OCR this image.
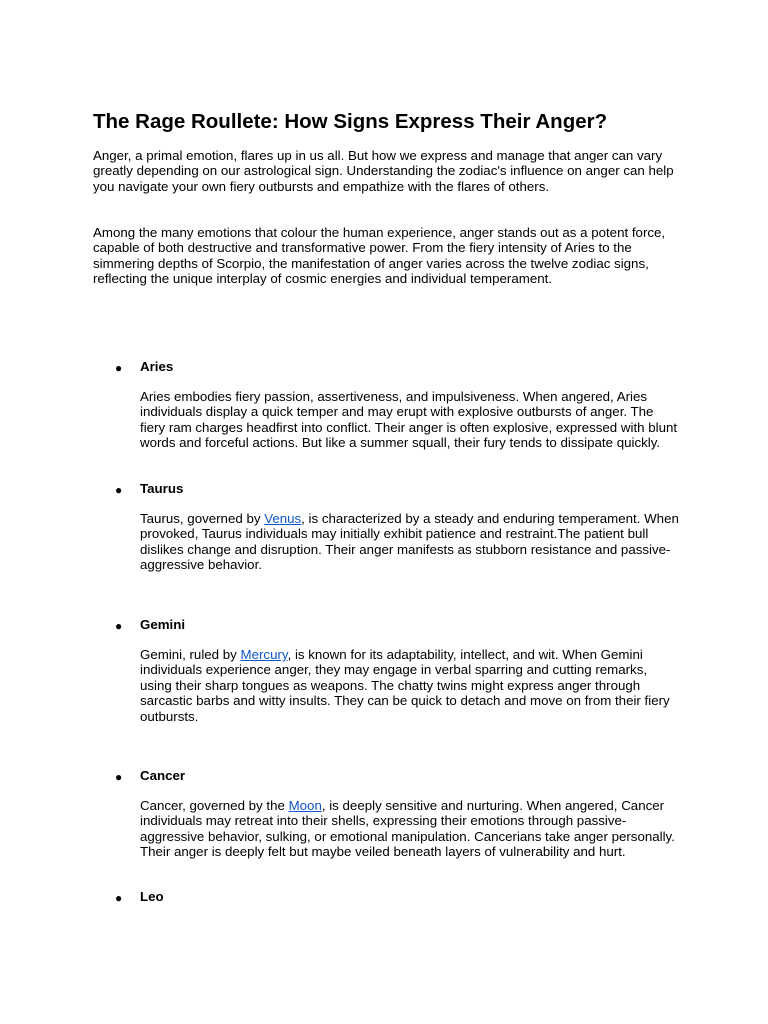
The Rage Roullete: How Signs Express Their Anger?

Anger, a primal emotion, flares up in us all. But how we express and manage that anger can vary greatly depending on our astrological sign. Understanding the zodiac's influence on anger can help you navigate your own fiery outbursts and empathize with the flares of others.

Among the many emotions that colour the human experience, anger stands out as a potent force, capable of both destructive and transformative power. From the fiery intensity of Aries to the simmering depths of Scorpio, the manifestation of anger varies across the twelve zodiac signs, reflecting the unique interplay of cosmic energies and individual temperament.

● Aries

Aries embodies fiery passion, assertiveness, and impulsiveness. When angered, Aries individuals display a quick temper and may erupt with explosive outbursts of anger. The fiery ram charges headfirst into conflict. Their anger is often explosive, expressed with blunt words and forceful actions. But like a summer squall, their fury tends to dissipate quickly.

● Taurus

Taurus, governed by Venus, is characterized by a steady and enduring temperament. When provoked, Taurus individuals may initially exhibit patience and restraint.The patient bull dislikes change and disruption. Their anger manifests as stubborn resistance and passive-aggressive behavior.

● Gemini

Gemini, ruled by Mercury, is known for its adaptability, intellect, and wit. When Gemini individuals experience anger, they may engage in verbal sparring and cutting remarks, using their sharp tongues as weapons. The chatty twins might express anger through sarcastic barbs and witty insults. They can be quick to detach and move on from their fiery outbursts.

● Cancer

Cancer, governed by the Moon, is deeply sensitive and nurturing. When angered, Cancer individuals may retreat into their shells, expressing their emotions through passive-aggressive behavior, sulking, or emotional manipulation. Cancerians take anger personally. Their anger is deeply felt but maybe veiled beneath layers of vulnerability and hurt.

● Leo
